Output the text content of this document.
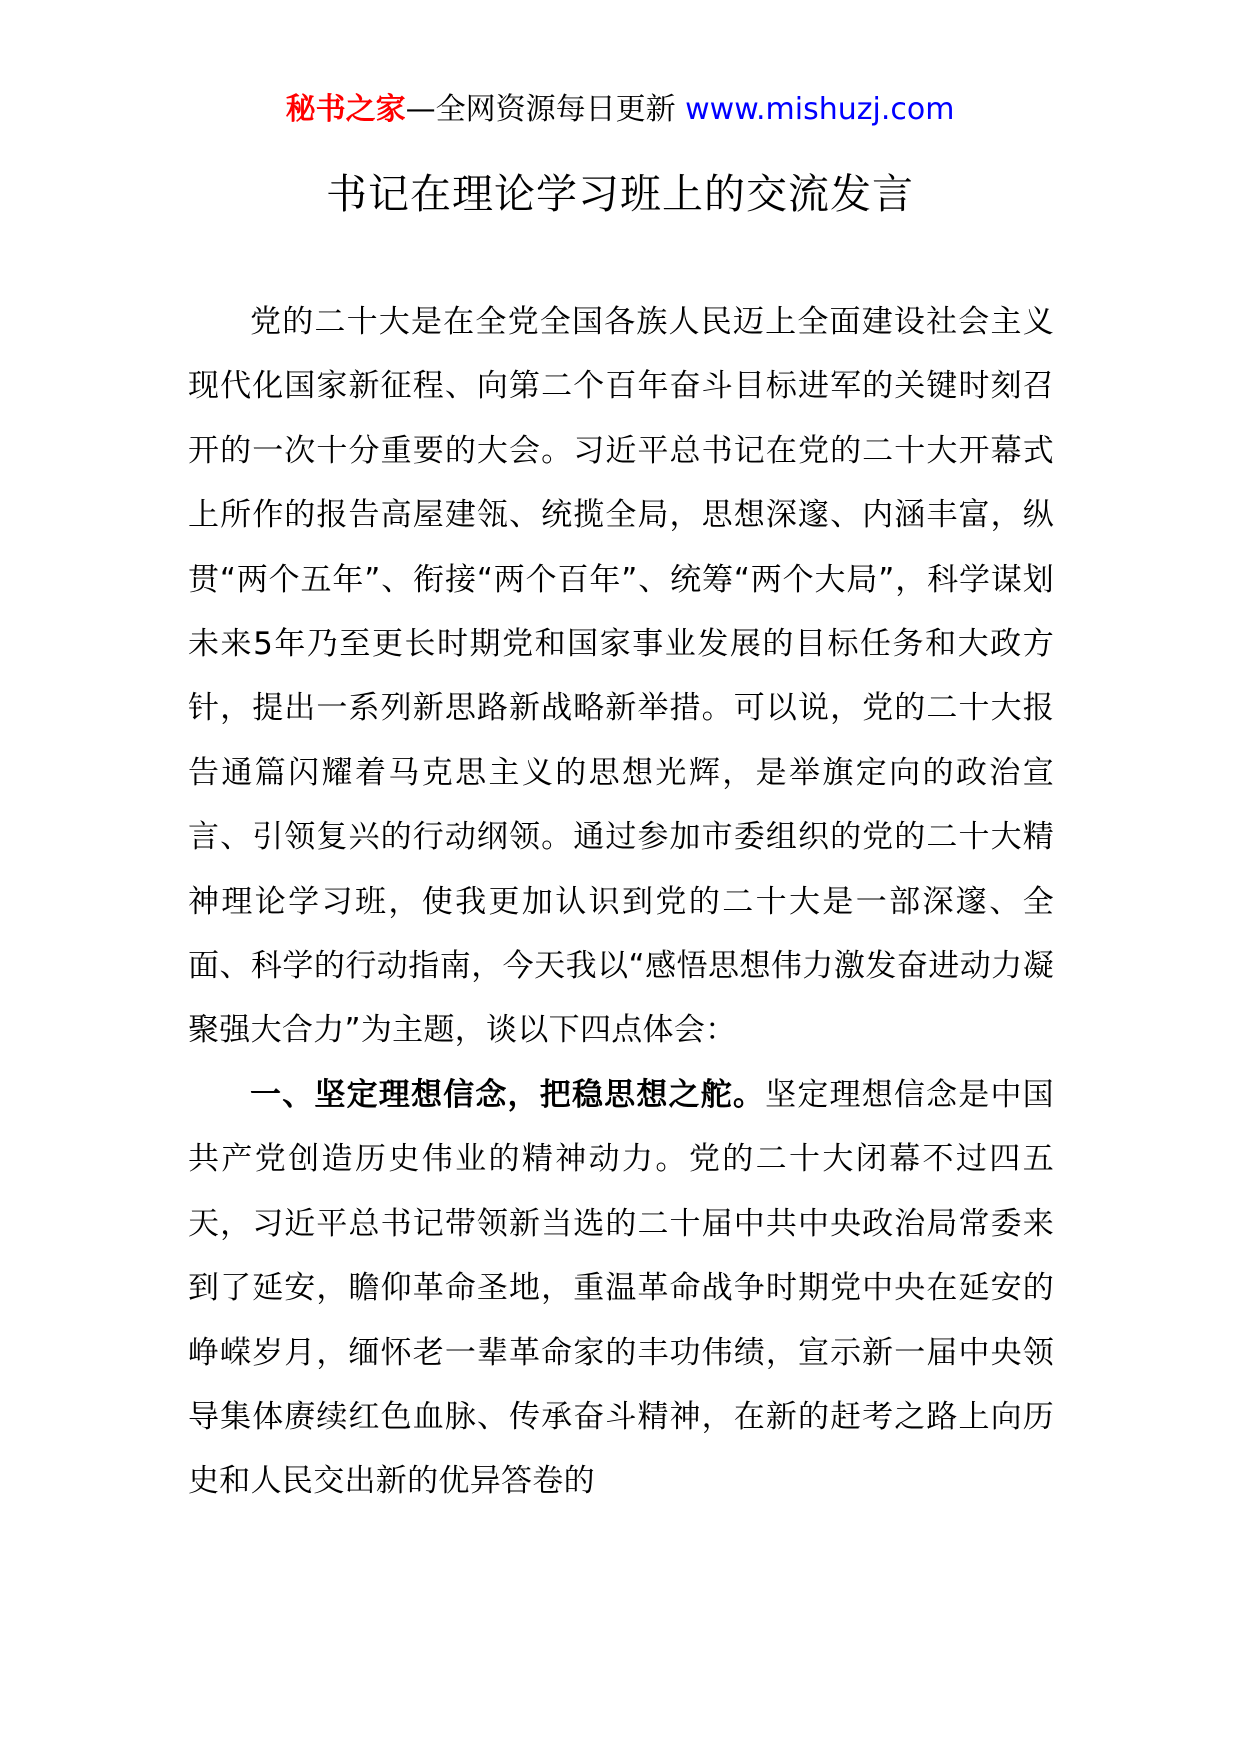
秘书之家—全网资源每日更新 www.mishuzj.com
书记在理论学习班上的交流发言

党的二十大是在全党全国各族人民迈上全面建设社会主义现代化国家新征程、向第二个百年奋斗目标进军的关键时刻召开的一次十分重要的大会。习近平总书记在党的二十大开幕式上所作的报告高屋建瓴、统揽全局，思想深邃、内涵丰富，纵贯“两个五年”、衔接“两个百年”、统筹“两个大局”，科学谋划未来5年乃至更长时期党和国家事业发展的目标任务和大政方针，提出一系列新思路新战略新举措。可以说，党的二十大报告通篇闪耀着马克思主义的思想光辉，是举旗定向的政治宣言、引领复兴的行动纲领。通过参加市委组织的党的二十大精神理论学习班，使我更加认识到党的二十大是一部深邃、全面、科学的行动指南，今天我以“感悟思想伟力激发奋进动力凝聚强大合力”为主题，谈以下四点体会：

一、坚定理想信念，把稳思想之舵。坚定理想信念是中国共产党创造历史伟业的精神动力。党的二十大闭幕不过四五天，习近平总书记带领新当选的二十届中共中央政治局常委来到了延安，瞻仰革命圣地，重温革命战争时期党中央在延安的峥嵘岁月，缅怀老一辈革命家的丰功伟绩，宣示新一届中央领导集体赓续红色血脉、传承奋斗精神，在新的赶考之路上向历史和人民交出新的优异答卷的
